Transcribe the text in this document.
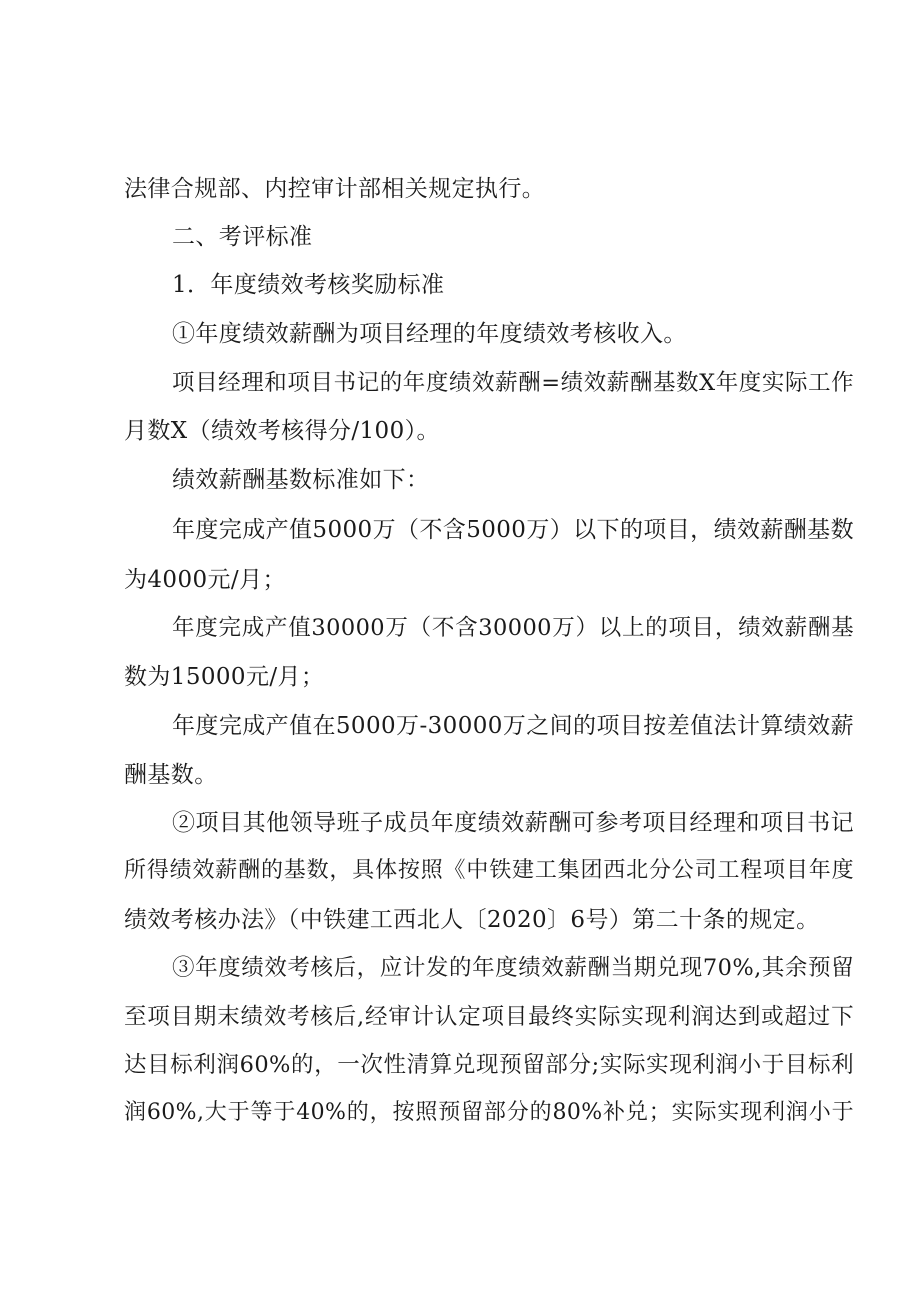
法律合规部、内控审计部相关规定执行。
二、考评标准
1．年度绩效考核奖励标准
①年度绩效薪酬为项目经理的年度绩效考核收入。
项目经理和项目书记的年度绩效薪酬=绩效薪酬基数X年度实际工作
月数X（绩效考核得分/100）。
绩效薪酬基数标准如下：
年度完成产值5000万（不含5000万）以下的项目，绩效薪酬基数
为4000元/月；
年度完成产值30000万（不含30000万）以上的项目，绩效薪酬基
数为15000元/月；
年度完成产值在5000万-30000万之间的项目按差值法计算绩效薪
酬基数。
②项目其他领导班子成员年度绩效薪酬可参考项目经理和项目书记
所得绩效薪酬的基数，具体按照《中铁建工集团西北分公司工程项目年度
绩效考核办法》（中铁建工西北人〔2020〕6号）第二十条的规定。
③年度绩效考核后，应计发的年度绩效薪酬当期兑现70%,其余预留
至项目期末绩效考核后,经审计认定项目最终实际实现利润达到或超过下
达目标利润60%的，一次性清算兑现预留部分;实际实现利润小于目标利
润60%,大于等于40%的，按照预留部分的80%补兑；实际实现利润小于
